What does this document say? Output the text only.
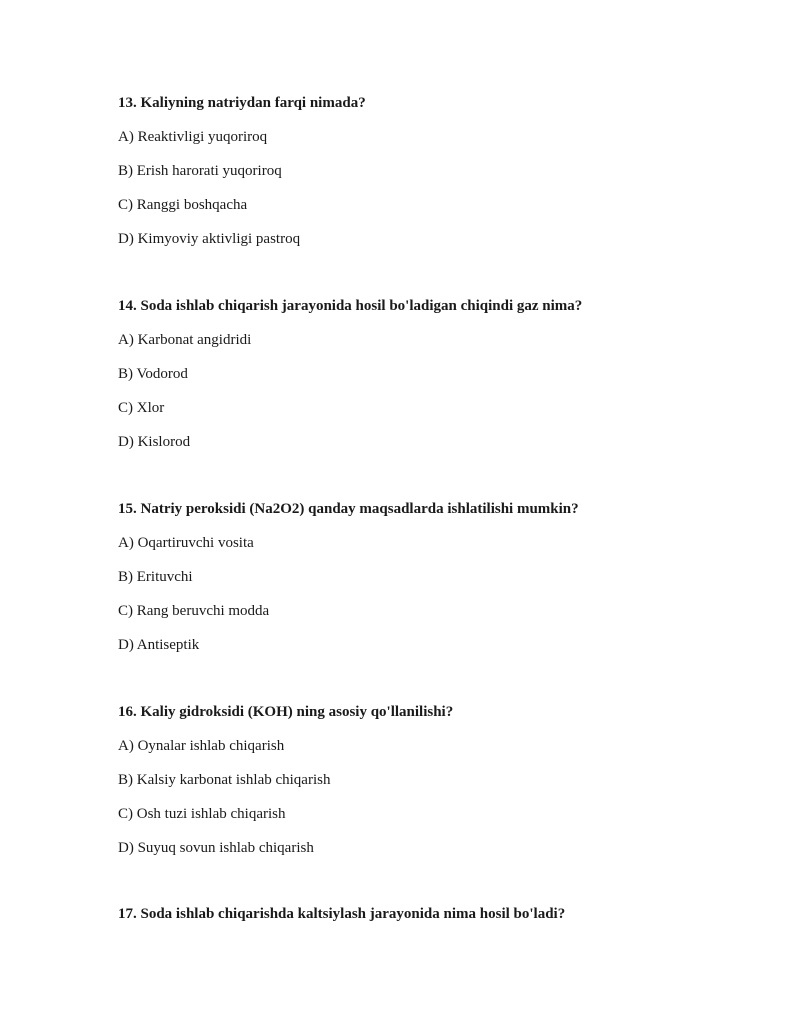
13. Kaliyning natriydan farqi nimada?

A) Reaktivligi yuqoriroq

B) Erish harorati yuqoriroq

C) Ranggi boshqacha

D) Kimyoviy aktivligi pastroq

14. Soda ishlab chiqarish jarayonida hosil bo'ladigan chiqindi gaz nima?

A) Karbonat angidridi

B) Vodorod

C) Xlor

D) Kislorod

15. Natriy peroksidi (Na2O2) qanday maqsadlarda ishlatilishi mumkin?

A) Oqartiruvchi vosita

B) Erituvchi

C) Rang beruvchi modda

D) Antiseptik

16. Kaliy gidroksidi (KOH) ning asosiy qo'llanilishi?

A) Oynalar ishlab chiqarish

B) Kalsiy karbonat ishlab chiqarish

C) Osh tuzi ishlab chiqarish

D) Suyuq sovun ishlab chiqarish

17. Soda ishlab chiqarishda kaltsiylash jarayonida nima hosil bo'ladi?
